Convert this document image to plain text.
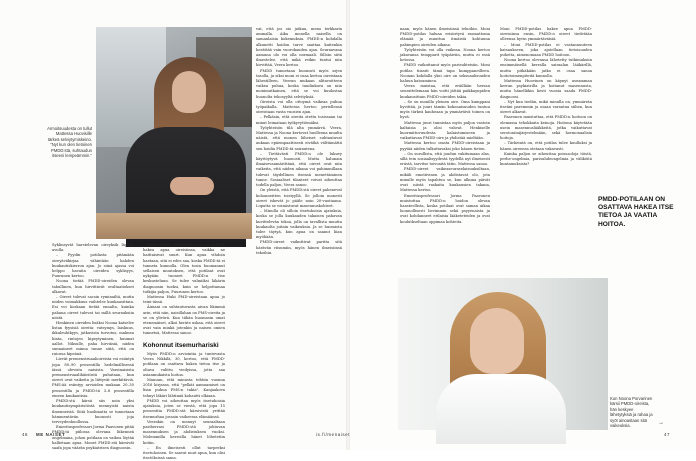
Armoitsuudesta on tullut Mattessa Huovisille tärkeä selviytymiskeino. "Nyt kun olen tietoinen PMDD:stä, suhtaudun itseeni lempeämmin."

Syklinsyvät harstelevan oireyksik läytäöi avulla.

– Pyydin potilasta pitämään oireyäväkirjaa vähintään kahden kuukautiskierron ajan. Jo siinä ajassa voi helppo havaita oireiden syklisyys, Puurunen kertoo.

Noona tietää PMDD-oireiden olevan tabullinen, kun hirvittävät ovaltaatiokset alkavat.

– Oireet tulevat sacsin ryminailtä, mutta niiden voimakkuus vaihtelee kuukausittain. Esi voi koskaan tietää ennalta, kuinka pahana oireet tulevat tai millä seurauksiin niistä.

Henkinen oireiden lisäksi Noona katselee listan fyysisiä oireita: vatsymys, laiskuus, ikkuleuhtkyys, jatkuvista turvotus, malmea hinta, rintojen kipeytyminen, huumat aallot. Niksulle, paha hirviäsiä, niiden sunnaineet minua tunne siitä, että on ruiossa kipeänä.

Lievät premenstruaalioireista voi esiintyä jopa 80–90 prosentilla hedelmällisessä iässä olevista naisista. Varsinaisista premenstruaalihäiriöstä puhutaan, kun oireet ovat vaikeita ja liittyvät merkittäviä. PMS:ää esiintyy arvioiden mukaan 20–30 prosentilla ja PMDD:tä 3–8 prosentilla emeen kuukautisia.

PMDD:stä kärsii siis noin yksi kuukautisympäristöstä mennyistä naista ilmenneistä. Siitä huolimatta se tunnetaan hämmentävän huonosti joja terveydenhuollossa.

Emeritusprofessori Jorma Paavonen pitää PMDD:tä piilossa olevana liikenneā ongelmana, johon potilaan on vaikea löytää hallietaan apua. Monet PMDD:stä kärsivät saafa jopa väärän psykiatrisen diagnoosin.

– Naiset eivät välttämättä osaa tai uskalla hakea apua oireisiinsa, vaikka ne haittaisivat suurt. Kun apua vihdoin haetaan, sitä ei edes saa, koska PMDD:tä ei tunneta kunnolla. Olen tosin huomannut sellaisen muutoksen, että potilaat ovat nykyään tuoneet PMDD:n itse keskusteluun. Se tulee valmiiksi läkärin diagnoosin tueksi, kuin se helpottamaa tutkijia paljon, Puurunen kertoo.

Mattessa Huki PMD-oireistaan apua jo teini-iässä.

Äiniani on suhtautuvasta aivan likimmä arin, että niin, naisillahan on PMS-oireita ja se on ylivörä. Kun tähän huomasin omat etenemäiset, alkoi heräte uskaa, että oireet ovat vain minkä jotenkin ja naisen omien tunnetsä, Mattessa sanoo.

Kohonnut itsemurhariski

Myös PMDD:n arviointia ja tuntevasta Veera Nikkilä, 30, kertoo, että PMDD-potilaan on osattava hakea tietoa itse ja oltava valittu viedyissa, jotta saa asianmukaista hoitoa.

Manuun, että minusta tehtiin vuonna 2016 kirjassa, että "pelkät aamuamiset on liian puhua PMS:n takia". Kanjaakova tehnyt läkäri lähtimiä kohautti olkiaan.

PMDD voi aiheuttaa myös itsetuhoisia ajatuksia, joten se viestä, että jopa 15 prosenttia PMDD:stä kärsivistä yrittää itsemurhaa jossain vaiheessa elämäänsä.

Veerakin on menuyt seuraaltaan pariherrasi PMDD:stä johtuvan masennuksen ja ahdistuksen vuoksi. Molemmilla kerroilla hänet löhetetiin kotiin.

– En ilmeisesti ollut tarpeeksi itsetuhoinen. Se saavat nuut apua, kun olisi itsetöksissä sama.

vat, että jos oio jatkuu, meno terkkarin ammalla. Aika monella naisella on samanlaisia kokemuksia. PMDD:n kohdalla alkunetti hoidon tarve saattaa kuitenkin herättää vain vuorokauden ajan. Seuraavana aamuna olo voi olla normaali. Silloin siitä ilmestelee, että mikä reikin tuntui niin hirvittää, Veera kertoo.

PMDD tunnetaan huonosti myös arjen tasolla, ja siksi moni ei osaa kertoa oireistaan lähestilleen. Veeran mukaan alitavoitteen vaikea puhua, koska taudinkuva on niin monimutkainen, että se voi kuulostaa huonolta tekosyyltä selvityksiä.

Oireista voi olla ottoymä vaikeaa puhua työpaikalla. Mattessa hertoo periellensä oireistaan vasta vuosien ajan.

– Pelkäsin, että oireita otettu tosissaan tai minut leimataan työkyvyttömäksi.

Työyhteisön tilä alta ymmärrä. Veera, Mattessa ja Noona kertovat huolleena muulta näistä, että monen läheiset suhtautuvat aukaan epäempaattisesti eivätkä välttämättä sen hoidia PMDD:tä sairautena.

– Tiettävästi PMDD:n ole lukuvy käyttöytyvä huonosti. Mutta halunain ilmaisevanmärittänä, että oireet ovat niin vaikeita, että niiden aikana voi pahimmillaan tulevat täydellinen itsensä menettäminen tunne. Sosiaaliset tilanteet voivat aiheuttaa todella paljon, Veera sanoo.

On yleistä, että PMDD:stä oireet pahenevat kohonneitten toistyyllä. Se jolloin monesti oireet iskevät jo pääle noin 20-vuotiaana. Loputta se voimistuvat masennuskohteet.

– Minulla oli silloin itsetuhoisia ajatuksia, koska se jolla kuukauden takaisen pahavan kuvittelevän tekoa, jolla on tavallista muutta kuukaulta joitain vaikeuksia. Ja se huomiota tulee täytyä, kun apua on saanut liian myöhään.

PMDD-oireet vaikuttivat paritta sitä härävän riisumiin, myös hänen ilmeisiinsä tekoihin.

naan, myös hänen ilmeisiinsä tekoihin. Moni PMDD-potilas haluaa erisiirtyvä rasmattoma elämää ja muuttua itmäistä kohtuuna pahimpien oireiden aikana.

Työyhteisön voi olla vaikeaa. Noona kertoo jakavansa tempparit tyäpäiviin, mutta ei essä hetossa.

PMDD vaikuttanut myös parisuhteisiin. Moni potilas tiiasiti tämä tapa kumppaneilleen. Noonan kohdalla yksi oire on seksuaalisuuden haluun katoaminen.

Veera muistaa, että eräillään hersan seurattelemaan hän voitti jättää paikkaynpiden kuukausittain PMDD-oireiden takia.

– Se on monilla yleinen oire. Oma kumppani hyvittää, ja juuri tämän kokonaisuuden tuntuu myös tärkeä kauheaan ja ymmärtävä toinen on hyvä.

Mattessa juuri tunnistaa myös paljon vastoin kaltaisia ja olisi vahvat. Henkiselle kuormittuvuudesta kalaistumiseen ja vaikuttavan PMDD-oire ja yhdistää mieltään.

Mattessa kertoo omsta PMDD-oireistaan ja pyytää niiden tulkuttavaksi joko hänen tieten.

– On surullista, että joudun vakitumaan alas, sillä tein sosiaalisyydestä tyydellä nyt ilmeisesti erästä, tarvitse toivoaitä tätin. Mattessa sanoo.

PMDD-oireet vaikeaseuraselaisuuksiltaan, mikäli emotiivinen ja ahdistavat olo, jota minulle myös tapahtuu se, kun alkuna päivät ovat niistä raskaita kuukausien takana, Mattessa kertoo.

Emeritusprofessori Jorma Paavonen muistuttaa PMDD:n hoidon olevan haasteellista, koska potilaat ovat saman aikaa luonnollisesti lievimmin sekä psyyenaista ja ovat kohdanneet erilaisia lääketeteiden ja ovat koulutkseltaan oppimaa kohteita.

Moni PMDD-potilas hakee apua PMDD-oireisiinsa ensin, PMDD:n oireet tiedetään olleensa hyvin ymmärtäväisiä.

– Moni PMDD-potilas ei vastannuuteen katsaukseen, joka ajatellaan tietoisuuden puhetta, nimenomaan PMDD hoitoon.

Noona kertoo olevansa lähetetty tutkimuksiin ensimmäisellä kerralla sairaalan lääkärillä, mutta pitkäkään jatko ei osaa sanoa hoitotoimenpiteitä kunnolla.

Mattessa Huovinen on käynyt useamman kerran psykiatrilla ja hoitanut masennusta, mutta hänelläkin kesti vuosia saada PMDD-diagnoosi.

– Nyt kun tiedän, mikä minulla on, ymmärrän itseäni paremmin ja osaan varautua siihen, kun oireet alkavat.

Paavonen muistuttaa, että PMDD:n hoitoon on olemassa tehokkaita keinoja. Hoitona käytetään usein masennuslääkkeitä, jotka vaikuttavat serotoniinijärjestelmään, sekä hormonaalisia hoitoja.

– Tärkeintä on, että potilas tulee kuulluksi ja hänen oireensa otetaan vakavasti.

Kuinka paljon se aiheuttaa poissaoloja töistä, perhe-ongelmia, parisuhdeongelmia ja väliköitä kuntamuksista?

PMDD-POTILAAN ON OSATTAVA HAKEA ITSE TIETOA JA VAATIA HOITOA.
Kun Noona Porvarinen kärsii PMDD-oireista, hän keskyee lähetytyksiä ja rahaa ja syöt ainoastaan sitä vaikeuksia.
46 ME NAISET	is.fi/menaiset
→
47
